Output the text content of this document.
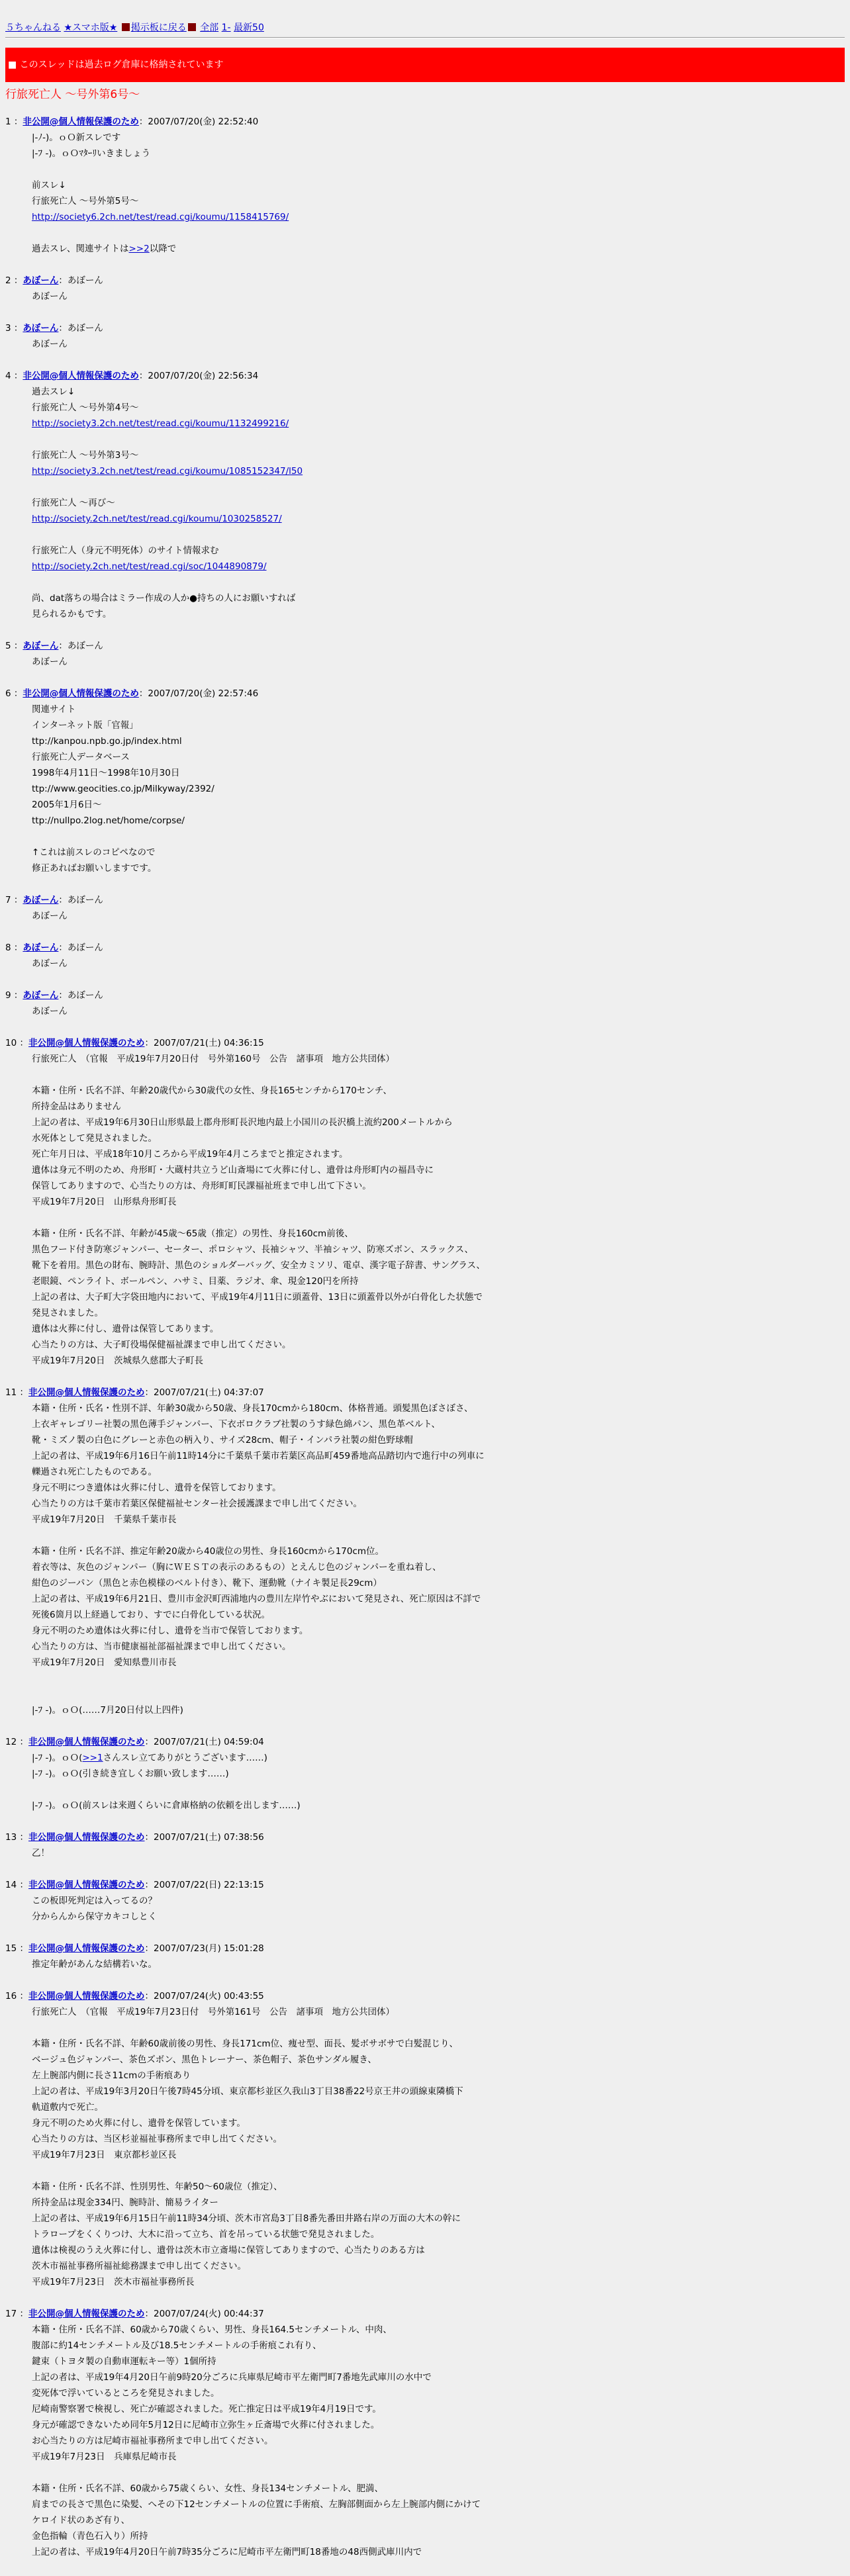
５ちゃんねる ★スマホ版★ 掲示板に戻る 全部 1- 最新50
■ このスレッドは過去ログ倉庫に格納されています
行旅死亡人 〜号外第6号〜
1 ：非公開@個人情報保護のため：2007/07/20(金) 22:52:40
|-ﾉ-)。ｏＯ新スレです
|-ﾌ -)。ｏＯﾏﾀｰﾘいきましょう

前スレ↓
行旅死亡人 〜号外第5号〜
http://society6.2ch.net/test/read.cgi/koumu/1158415769/

過去スレ、関連サイトは>>2以降で
2 ：あぼーん：あぼーん
あぼーん
3 ：あぼーん：あぼーん
あぼーん
4 ：非公開@個人情報保護のため：2007/07/20(金) 22:56:34
過去スレ↓
行旅死亡人 〜号外第4号〜
http://society3.2ch.net/test/read.cgi/koumu/1132499216/

行旅死亡人 〜号外第3号〜
http://society3.2ch.net/test/read.cgi/koumu/1085152347/l50

行旅死亡人 〜再び〜
http://society.2ch.net/test/read.cgi/koumu/1030258527/

行旅死亡人（身元不明死体）のサイト情報求む
http://society.2ch.net/test/read.cgi/soc/1044890879/

尚、dat落ちの場合はミラー作成の人か●持ちの人にお願いすれば
見られるかもです。
5 ：あぼーん：あぼーん
あぼーん
6 ：非公開@個人情報保護のため：2007/07/20(金) 22:57:46
関連サイト
インターネット版「官報」
ttp://kanpou.npb.go.jp/index.html
行旅死亡人データベース
1998年4月11日〜1998年10月30日
ttp://www.geocities.co.jp/Milkyway/2392/
2005年1月6日〜
ttp://nullpo.2log.net/home/corpse/

↑これは前スレのコピペなので
修正あればお願いしますです。
7 ：あぼーん：あぼーん
あぼーん
8 ：あぼーん：あぼーん
あぼーん
9 ：あぼーん：あぼーん
あぼーん
10 ：非公開@個人情報保護のため：2007/07/21(土) 04:36:15
行旅死亡人　（官報　平成19年7月20日付　号外第160号　公告　諸事項　地方公共団体）

本籍・住所・氏名不詳、年齢20歳代から30歳代の女性、身長165センチから170センチ、
所持金品はありません
上記の者は、平成19年6月30日山形県最上郡舟形町長沢地内最上小国川の長沢橋上流約200メートルから
水死体として発見されました。
死亡年月日は、平成18年10月ころから平成19年4月ころまでと推定されます。
遺体は身元不明のため、舟形町・大蔵村共立うど山斎場にて火葬に付し、遺骨は舟形町内の福昌寺に
保管してありますので、心当たりの方は、舟形町町民課福祉班まで申し出て下さい。
平成19年7月20日　山形県舟形町長

本籍・住所・氏名不詳、年齢が45歳〜65歳（推定）の男性、身長160cm前後、
黒色フード付き防寒ジャンパー、セーター、ポロシャツ、長袖シャツ、半袖シャツ、防寒ズボン、スラックス、
靴下を着用。黒色の財布、腕時計、黒色のショルダーバッグ、安全カミソリ、電卓、漢字電子辞書、サングラス、
老眼鏡、ペンライト、ボールペン、ハサミ、目薬、ラジオ、傘、現金120円を所持
上記の者は、大子町大字袋田地内において、平成19年4月11日に頭蓋骨、13日に頭蓋骨以外が白骨化した状態で
発見されました。
遺体は火葬に付し、遺骨は保管してあります。
心当たりの方は、大子町役場保健福祉課まで申し出てください。
平成19年7月20日　茨城県久慈郡大子町長
11 ：非公開@個人情報保護のため：2007/07/21(土) 04:37:07
本籍・住所・氏名・性別不詳、年齢30歳から50歳、身長170cmから180cm、体格普通。頭髪黒色ぼさぼさ、
上衣ギャレゴリー社製の黒色薄手ジャンパー、下衣ボロクラブ社製のうす緑色綿パン、黒色革ベルト、
靴・ミズノ製の白色にグレーと赤色の柄入り、サイズ28cm、帽子・インパラ社製の紺色野球帽
上記の者は、平成19年6月16日午前11時14分に千葉県千葉市若葉区高品町459番地高品踏切内で進行中の列車に
轢過され死亡したものである。
身元不明につき遺体は火葬に付し、遺骨を保管しております。
心当たりの方は千葉市若葉区保健福祉センター社会援護課まで申し出てください。
平成19年7月20日　千葉県千葉市長

本籍・住所・氏名不詳、推定年齢20歳から40歳位の男性、身長160cmから170cm位。
着衣等は、灰色のジャンパー（胸にＷＥＳＴの表示のあるもの）とえんじ色のジャンパーを重ね着し、
紺色のジーパン（黒色と赤色模様のベルト付き）、靴下、運動靴（ナイキ製足長29cm）
上記の者は、平成19年6月21日、豊川市金沢町西浦地内の豊川左岸竹やぶにおいて発見され、死亡原因は不詳で
死後6箇月以上経過しており、すでに白骨化している状況。
身元不明のため遺体は火葬に付し、遺骨を当市で保管しております。
心当たりの方は、当市健康福祉部福祉課まで申し出てください。
平成19年7月20日　愛知県豊川市長

|-ﾌ -)。ｏＯ(……7月20日付以上四件)
12 ：非公開@個人情報保護のため：2007/07/21(土) 04:59:04
|-ﾌ -)。ｏＯ(>>1さんスレ立てありがとうございます……)
|-ﾌ -)。ｏＯ(引き続き宜しくお願い致します……)

|-ﾌ -)。ｏＯ(前スレは来週くらいに倉庫格納の依頼を出します……)
13 ：非公開@個人情報保護のため：2007/07/21(土) 07:38:56
乙！
14 ：非公開@個人情報保護のため：2007/07/22(日) 22:13:15
この板即死判定は入ってるの？
分からんから保守カキコしとく
15 ：非公開@個人情報保護のため：2007/07/23(月) 15:01:28
推定年齢があんな結構若いな。
16 ：非公開@個人情報保護のため：2007/07/24(火) 00:43:55
行旅死亡人　（官報　平成19年7月23日付　号外第161号　公告　諸事項　地方公共団体）

本籍・住所・氏名不詳、年齢60歳前後の男性、身長171cm位、痩せ型、面長、髪ボサボサで白髪混じり、
ベージュ色ジャンパー、茶色ズボン、黒色トレーナー、茶色帽子、茶色サンダル履き、
左上腕部内側に長さ11cmの手術痕あり
上記の者は、平成19年3月20日午後7時45分頃、東京都杉並区久我山3丁目38番22号京王井の頭線東隣橋下
軌道敷内で死亡。
身元不明のため火葬に付し、遺骨を保管しています。
心当たりの方は、当区杉並福祉事務所まで申し出てください。
平成19年7月23日　東京都杉並区長

本籍・住所・氏名不詳、性別男性、年齢50〜60歳位（推定）、
所持金品は現金334円、腕時計、簡易ライター
上記の者は、平成19年6月15日午前11時34分頃、茨木市宮島3丁目8番先番田井路右岸の万面の大木の幹に
トラロープをくくりつけ、大木に沿って立ち、首を吊っている状態で発見されました。
遺体は検視のうえ火葬に付し、遺骨は茨木市立斎場に保管してありますので、心当たりのある方は
茨木市福祉事務所福祉総務課まで申し出てください。
平成19年7月23日　茨木市福祉事務所長
17 ：非公開@個人情報保護のため：2007/07/24(火) 00:44:37
本籍・住所・氏名不詳、60歳から70歳くらい、男性、身長164.5センチメートル、中肉、
腹部に約14センチメートル及び18.5センチメートルの手術痕これ有り、
鍵束（トヨタ製の自動車運転キー等）1個所持
上記の者は、平成19年4月20日午前9時20分ごろに兵庫県尼崎市平左衛門町7番地先武庫川の水中で
変死体で浮いているところを発見されました。
尼崎南警察署で検視し、死亡が確認されました。死亡推定日は平成19年4月19日です。
身元が確認できないため同年5月12日に尼崎市立弥生ヶ丘斎場で火葬に付されました。
お心当たりの方は尼崎市福祉事務所まで申し出てください。
平成19年7月23日　兵庫県尼崎市長

本籍・住所・氏名不詳、60歳から75歳くらい、女性、身長134センチメートル、肥満、
肩までの長さで黒色に染髪、へその下12センチメートルの位置に手術痕、左胸部側面から左上腕部内側にかけて
ケロイド状のあざ有り、
金色指輪（青色石入り）所持
上記の者は、平成19年4月20日午前7時35分ごろに尼崎市平左衛門町18番地の48西側武庫川内で
